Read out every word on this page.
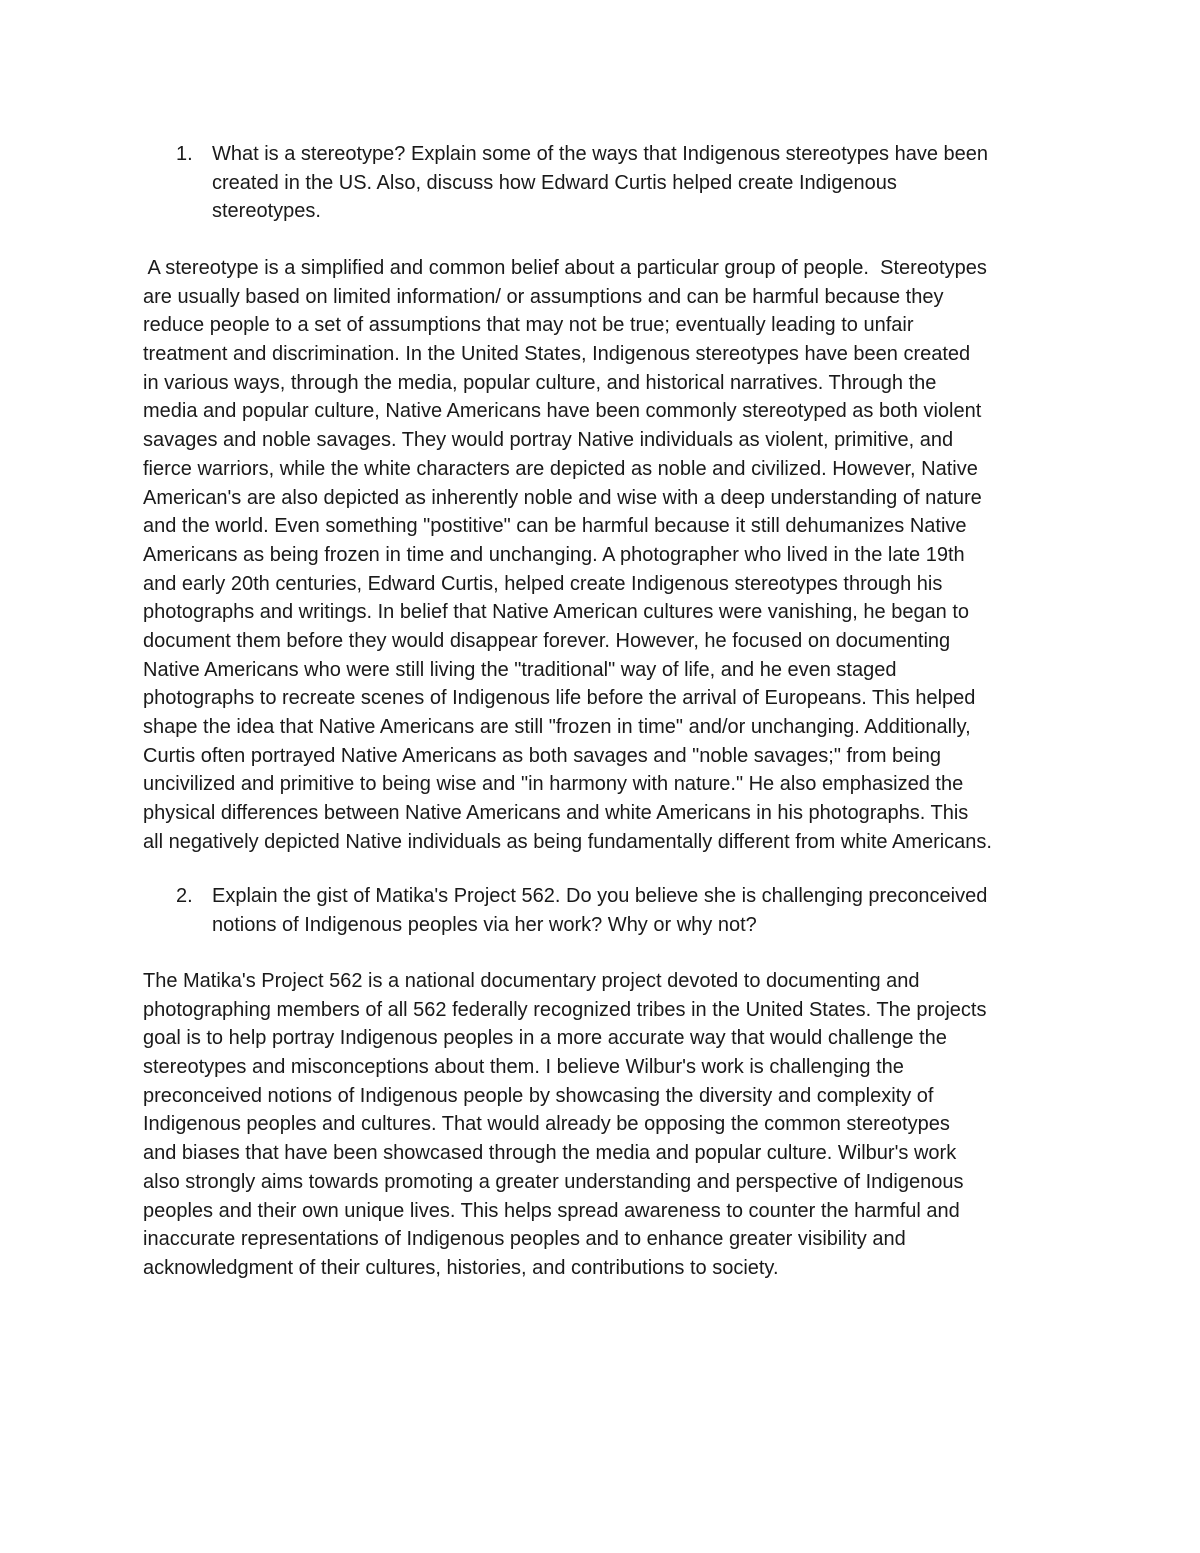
1. What is a stereotype? Explain some of the ways that Indigenous stereotypes have been
created in the US. Also, discuss how Edward Curtis helped create Indigenous
stereotypes.
A stereotype is a simplified and common belief about a particular group of people.  Stereotypes
are usually based on limited information/ or assumptions and can be harmful because they
reduce people to a set of assumptions that may not be true; eventually leading to unfair
treatment and discrimination. In the United States, Indigenous stereotypes have been created
in various ways, through the media, popular culture, and historical narratives. Through the
media and popular culture, Native Americans have been commonly stereotyped as both violent
savages and noble savages. They would portray Native individuals as violent, primitive, and
fierce warriors, while the white characters are depicted as noble and civilized. However, Native
American's are also depicted as inherently noble and wise with a deep understanding of nature
and the world. Even something "postitive" can be harmful because it still dehumanizes Native
Americans as being frozen in time and unchanging. A photographer who lived in the late 19th
and early 20th centuries, Edward Curtis, helped create Indigenous stereotypes through his
photographs and writings. In belief that Native American cultures were vanishing, he began to
document them before they would disappear forever. However, he focused on documenting
Native Americans who were still living the "traditional" way of life, and he even staged
photographs to recreate scenes of Indigenous life before the arrival of Europeans. This helped
shape the idea that Native Americans are still "frozen in time" and/or unchanging. Additionally,
Curtis often portrayed Native Americans as both savages and "noble savages;" from being
uncivilized and primitive to being wise and "in harmony with nature." He also emphasized the
physical differences between Native Americans and white Americans in his photographs. This
all negatively depicted Native individuals as being fundamentally different from white Americans.
2. Explain the gist of Matika's Project 562. Do you believe she is challenging preconceived
notions of Indigenous peoples via her work? Why or why not?
The Matika's Project 562 is a national documentary project devoted to documenting and
photographing members of all 562 federally recognized tribes in the United States. The projects
goal is to help portray Indigenous peoples in a more accurate way that would challenge the
stereotypes and misconceptions about them. I believe Wilbur's work is challenging the
preconceived notions of Indigenous people by showcasing the diversity and complexity of
Indigenous peoples and cultures. That would already be opposing the common stereotypes
and biases that have been showcased through the media and popular culture. Wilbur's work
also strongly aims towards promoting a greater understanding and perspective of Indigenous
peoples and their own unique lives. This helps spread awareness to counter the harmful and
inaccurate representations of Indigenous peoples and to enhance greater visibility and
acknowledgment of their cultures, histories, and contributions to society.
